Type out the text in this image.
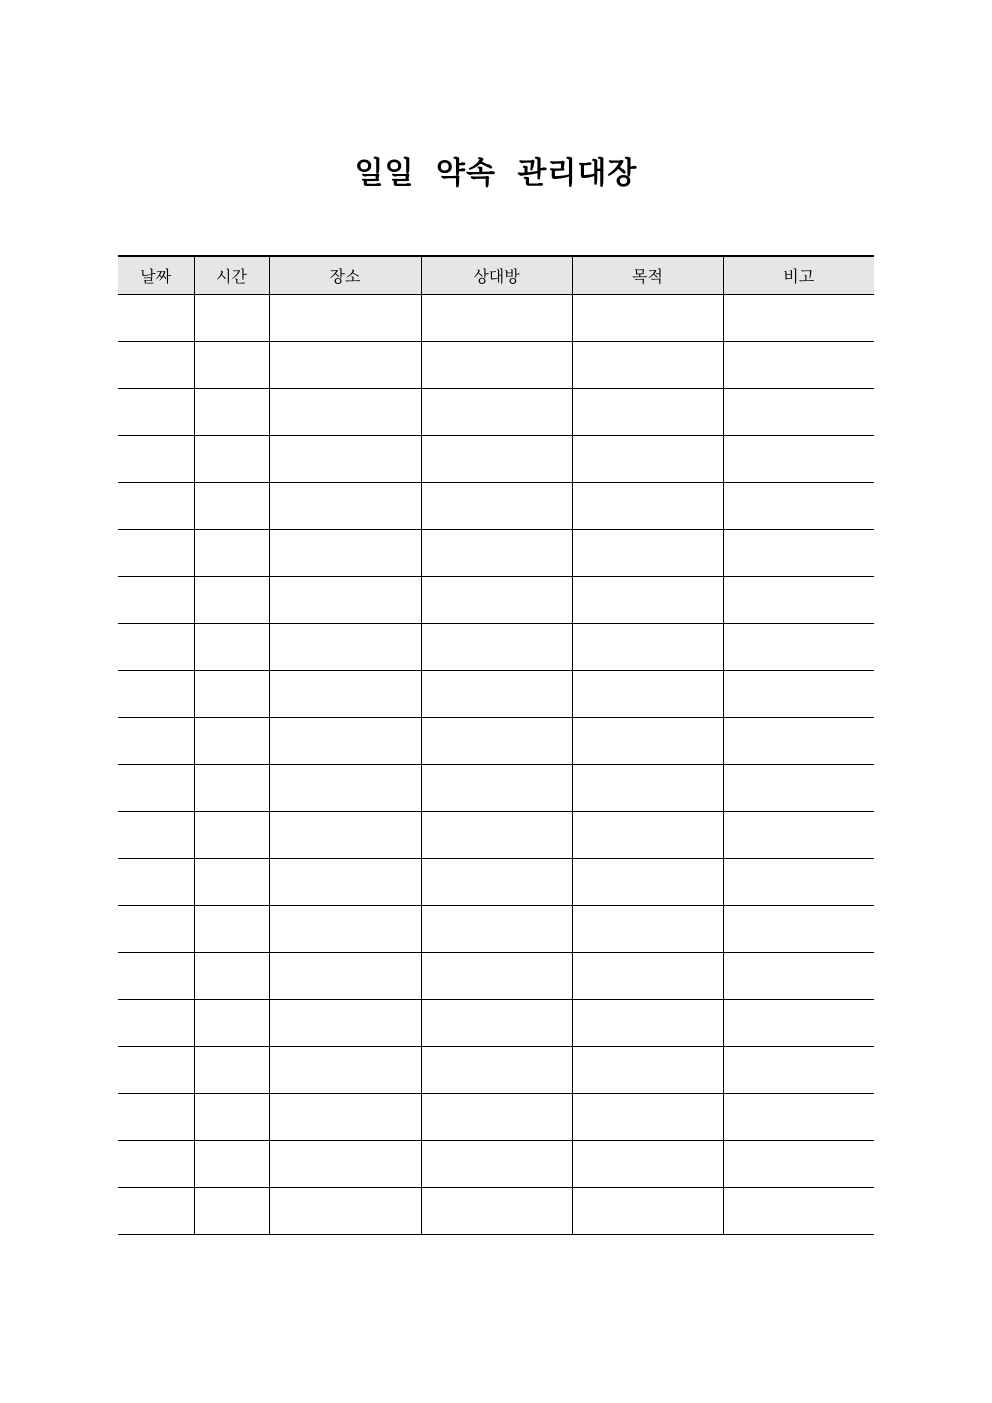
일일 약속 관리대장
날짜	시간	장소	상대방	목적	비고
